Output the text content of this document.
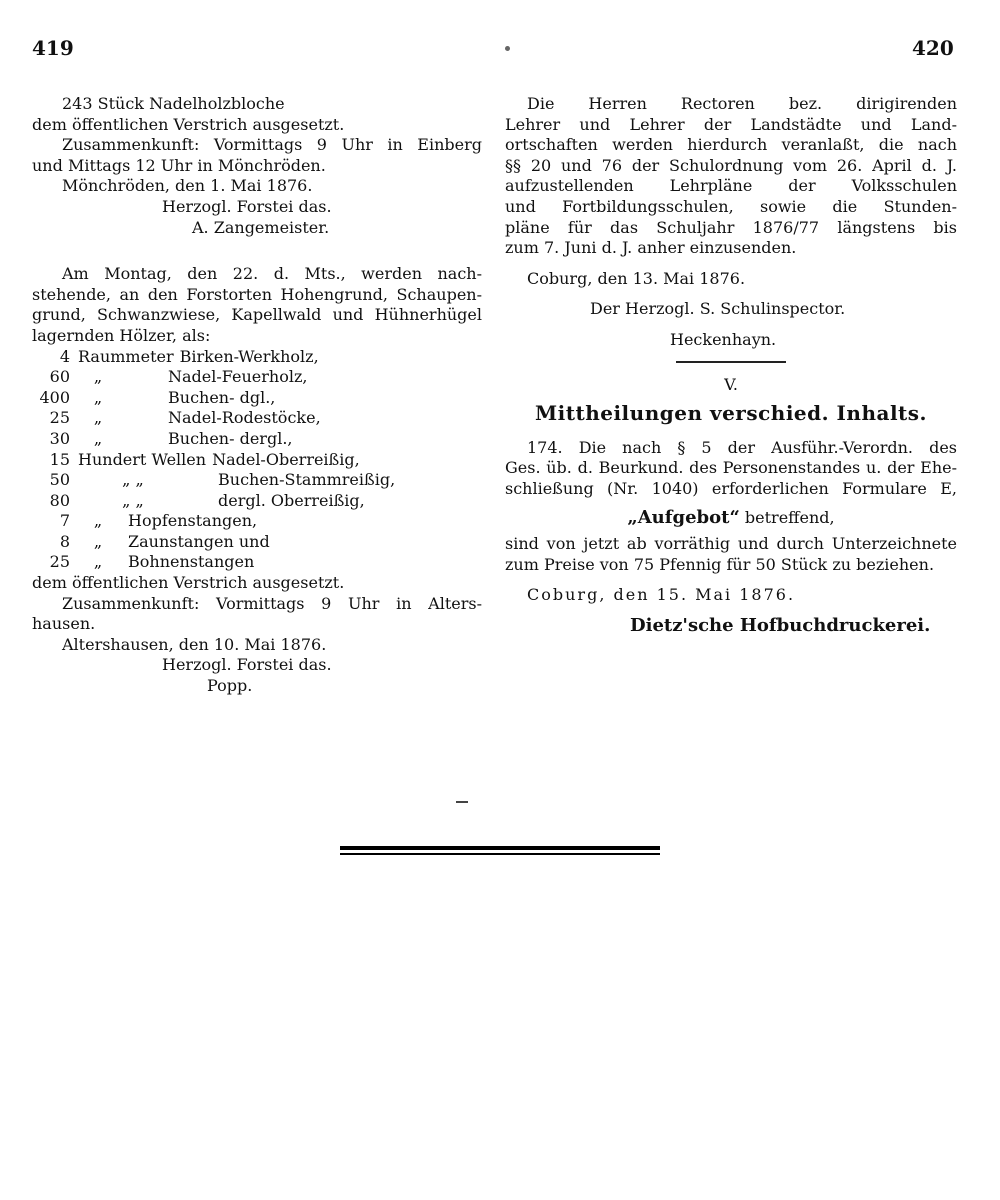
419	420
243 Stück Nadelholzbloche
dem öffentlichen Verstrich ausgesetzt.
Zusammenkunft: Vormittags 9 Uhr in Einberg
und Mittags 12 Uhr in Mönchröden.
Mönchröden, den 1. Mai 1876.
Herzogl. Forstei das.
A. Zangemeister.
Am Montag, den 22. d. Mts., werden nach-
stehende, an den Forstorten Hohengrund, Schaupen-
grund, Schwanzwiese, Kapellwald und Hühnerhügel
lagernden Hölzer, als:
4 Raummeter Birken-Werkholz,
60	„	Nadel-Feuerholz,
400	„	Buchen- dgl.,
25	„	Nadel-Rodestöcke,
30	„	Buchen- dergl.,
15 Hundert Wellen Nadel-Oberreißig,
50	„ „	Buchen-Stammreißig,
80	„ „	dergl. Oberreißig,
7	„	Hopfenstangen,
8	„	Zaunstangen und
25	„	Bohnenstangen
dem öffentlichen Verstrich ausgesetzt.
Zusammenkunft: Vormittags 9 Uhr in Alters-
hausen.
Altershausen, den 10. Mai 1876.
Herzogl. Forstei das.
Popp.
Die Herren Rectoren bez. dirigirenden
Lehrer und Lehrer der Landstädte und Land-
ortschaften werden hierdurch veranlaßt, die nach
§§ 20 und 76 der Schulordnung vom 26. April d. J.
aufzustellenden Lehrpläne der Volksschulen
und Fortbildungsschulen, sowie die Stunden-
pläne für das Schuljahr 1876/77 längstens bis
zum 7. Juni d. J. anher einzusenden.
Coburg, den 13. Mai 1876.
Der Herzogl. S. Schulinspector.
Heckenhayn.
V.
Mittheilungen verschied. Inhalts.
174. Die nach § 5 der Ausführ.-Verordn. des
Ges. üb. d. Beurkund. des Personenstandes u. der Ehe-
schließung (Nr. 1040) erforderlichen Formulare E,
„Aufgebot“ betreffend,
sind von jetzt ab vorräthig und durch Unterzeichnete
zum Preise von 75 Pfennig für 50 Stück zu beziehen.
Coburg, den 15. Mai 1876.
Dietz'sche Hofbuchdruckerei.
